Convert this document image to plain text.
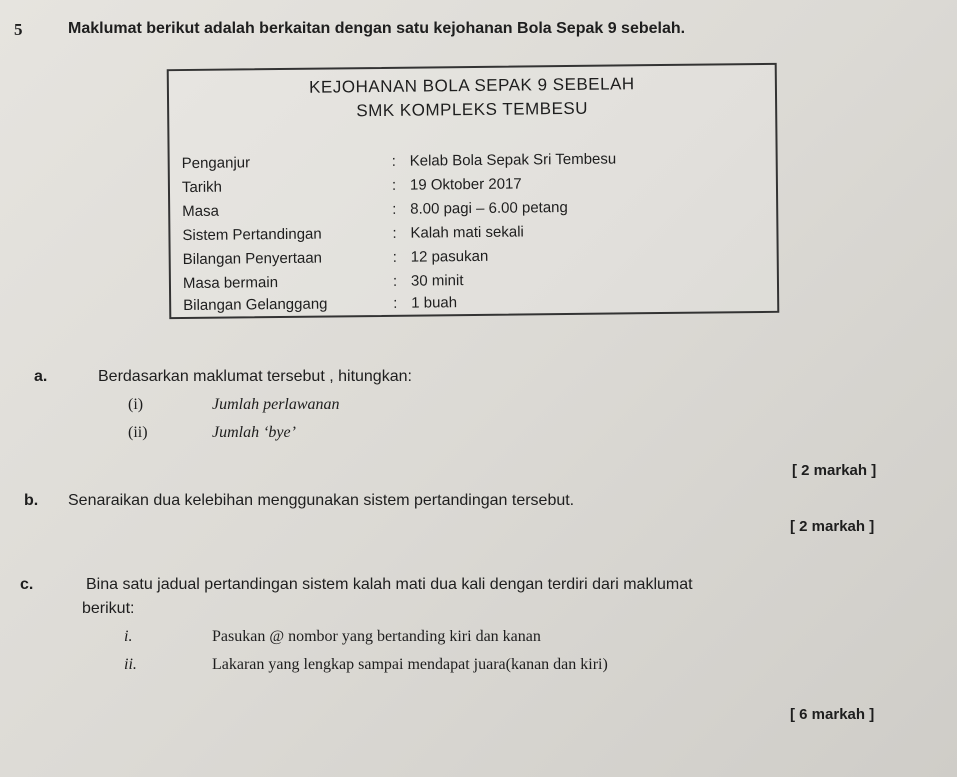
5	Maklumat berikut adalah berkaitan dengan satu kejohanan Bola Sepak 9 sebelah.
KEJOHANAN BOLA SEPAK 9 SEBELAH
SMK KOMPLEKS TEMBESU
Penganjur	: Kelab Bola Sepak Sri Tembesu
Tarikh	: 19 Oktober 2017
Masa	: 8.00 pagi – 6.00 petang
Sistem Pertandingan	: Kalah mati sekali
Bilangan Penyertaan	: 12 pasukan
Masa bermain	: 30 minit
Bilangan Gelanggang	: 1 buah
a.	Berdasarkan maklumat tersebut , hitungkan:
(i)	Jumlah perlawanan
(ii)	Jumlah ‘bye’
[ 2 markah ]
b. Senaraikan dua kelebihan menggunakan sistem pertandingan tersebut.
[ 2 markah ]
c.	Bina satu jadual pertandingan sistem kalah mati dua kali dengan terdiri dari maklumat
berikut:
i.	Pasukan @ nombor yang bertanding kiri dan kanan
ii.	Lakaran yang lengkap sampai mendapat juara(kanan dan kiri)
[ 6 markah ]
